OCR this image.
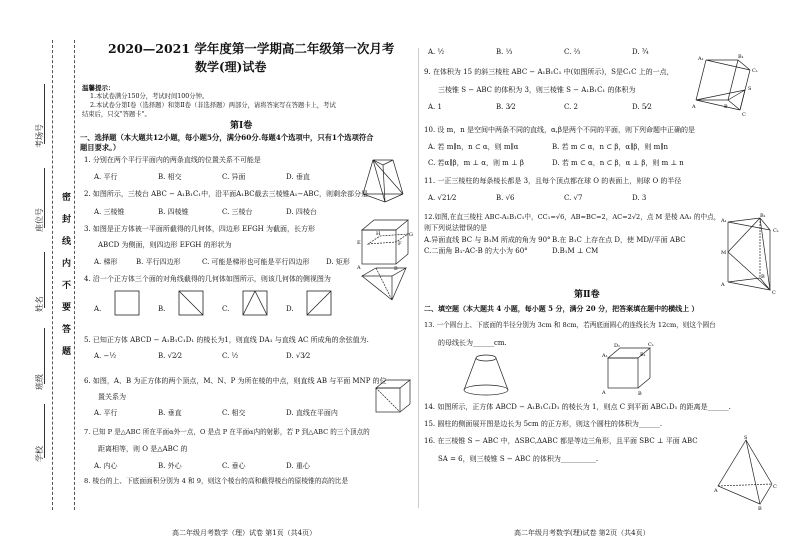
考场号
座位号
姓名
班级
学校
密
封
线
内
不
要
答
题
2020—2021 学年度第一学期高二年级第一次月考
数学(理)试卷
温馨提示：
1.本试卷满分150分，考试时间100分钟。
2.本试卷分第Ⅰ卷（选择题）和第Ⅱ卷（非选择题）两部分，请将答案写在答题卡上，考试
结束后，只交"答题卡"。
第Ⅰ卷
一、选择题（本大题共12小题，每小题5分，满分60分.每题4个选项中，只有1个选项符合
题目要求。）
1. 分别在两个平行平面内的两条直线的位置关系不可能是
A. 平行	B. 相交	C. 异面	D. 垂直
2. 如图所示，三棱台 ABC − A₁B₁C₁中，沿平面A₁BC截去三棱锥A₁−ABC，则剩余部分是
A. 三棱锥	B. 四棱锥	C. 三棱台	D. 四棱台
3. 如图是正方体被一平面所截得的几何体，四边形 EFGH 为截面，长方形
ABCD 为侧面，则四边形 EFGH 的形状为	E	F
G
H
A	B
A. 梯形	B. 平行四边形	C. 可能是梯形也可能是平行四边形 D. 矩形
4. 沿一个正方体三个面的对角线截得的几何体如图所示，则该几何体的侧视图为
A.	B.	C.	D.
5. 已知正方体 ABCD − A₁B₁C₁D₁ 的棱长为1，则直线 DA₁ 与直线 AC 所成角的余弦值为.
A. −½	B. √2⁄2	C. ½	D. √3⁄2
6. 如图，A、B 为正方体的两个顶点，M、N、P 为所在棱的中点，则直线 AB 与平面 MNP 的位
置关系为
A. 平行	B. 垂直	C. 相交	D. 直线在平面内
7. 已知 P 是△ABC 所在平面α外一点，O 是点 P 在平面α内的射影，若 P 到△ABC 的三个顶点的
距离相等，则 O 是△ABC 的
A. 内心	B. 外心	C. 垂心	D. 重心
8. 棱台的上、下底面面积分别为 4 和 9，则这个棱台的高和截得棱台的原棱锥的高的比是
高二年级月考数学（理）试卷 第1页（共4页）
A. ½	B. ⅓	C. ⅔	D. ¾
9. 在体积为 15 的斜三棱柱 ABC − A₁B₁C₁ 中(如图所示)，S是C₁C 上的一点，
三棱锥 S − ABC 的体积为 3，则三棱锥 S − A₁B₁C₁ 的体积为
A₁	B₁
C₁
S
A	B
C
A. 1	B. 3⁄2	C. 2	D. 5⁄2
10. 设 m，n 是空间中两条不同的直线，α,β是两个不同的平面，则下列命题中正确的是
A. 若 m∥n，n ⊂ α，则 m∥α	B. 若 m ⊂ α，n ⊂ β，α∥β，则 m∥n
C. 若α∥β，m ⊥ α，则 m ⊥ β	D. 若 m ⊂ α，n ⊂ β，α ⊥ β，则 m ⊥ n
11. 一正三棱柱的每条棱长都是 3，且每个顶点都在球 O 的表面上，则球 O 的半径
A. √21⁄2	B. √6	C. √7	D. 3
12.如图,在直三棱柱 ABC-A₁B₁C₁中，CC₁=√6，AB=BC=2，AC=2√2，点 M 是棱 AA₁ 的中点，
则下列说法错误的是
A.异面直线 BC 与 B₁M 所成的角为 90°B.在 B₁C 上存在点 D，使 MD//平面 ABC
C.二面角 B₁-AC-B 的大小为 60°	D.B₁M ⊥ CM
A₁
B₁
C₁
M
A
B
C
第Ⅱ卷
二、填空题（本大题共 4 小题，每小题 5 分，满分 20 分，把答案填在题中的横线上 ）
13. 一个圆台上、下底面的半径分别为 3cm 和 8cm，若两底面圆心的连线长为 12cm，则这个圆台
的母线长为______cm.	D₁	C₁
A₁	B₁
A	B
14. 如图所示，正方体 ABCD − A₁B₁C₁D₁ 的棱长为 1，则点 C 到平面 ABC₁D₁ 的距离是______.
15. 圆柱的侧面展开图是边长为 5cm 的正方形，则这个圆柱的体积为______.
16. 在三棱锥 S − ABC 中，ΔSBC,ΔABC 都是等边三角形，且平面 SBC ⊥ 平面 ABC
SA = 6，则三棱锥 S − ABC 的体积为__________.
S
A
B
C
高二年级月考数学(理)试卷 第2页（共4页）
